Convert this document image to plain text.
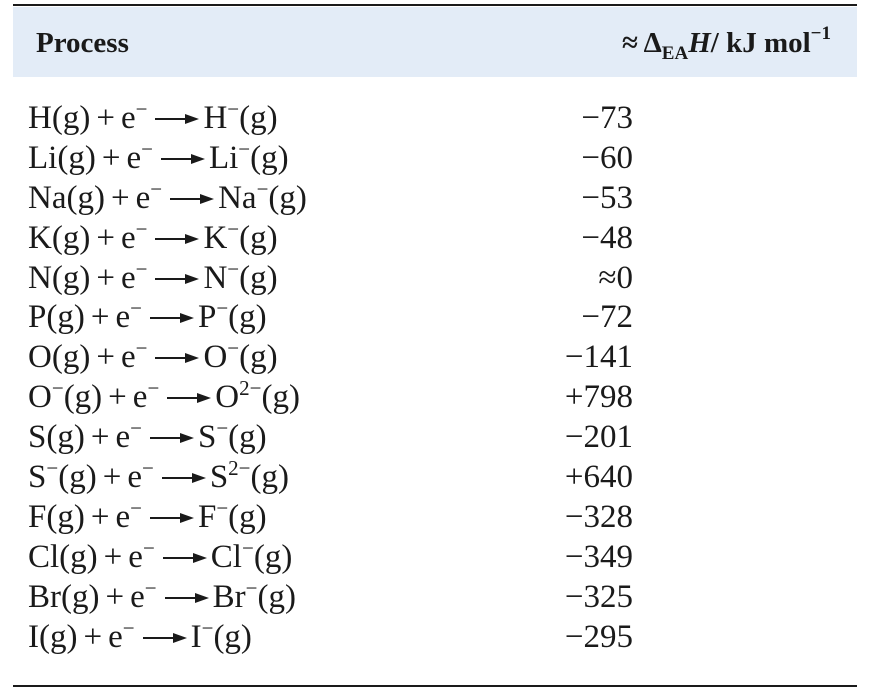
Process	≈ $\Delta_{EA}H/$ kJ mol$^{-1}$
H(g) + e− H−(g)	−73
Li(g) + e− Li−(g)	−60
Na(g) + e− Na−(g)	−53
K(g) + e− K−(g)	−48
N(g) + e− N−(g)	≈0
P(g) + e− P−(g)	−72
O(g) + e− O−(g)	−141
O−(g) + e− $O^{2-}(g)$	+798
S(g) + e− S−(g)	−201
S−(g) + e− $S^{2-}(g)$	+640
F(g) + e− F−(g)	−328
Cl(g) + e− Cl−(g)	−349
Br(g) + e− Br−(g)	−325
I(g) + e− I−(g)	−295
